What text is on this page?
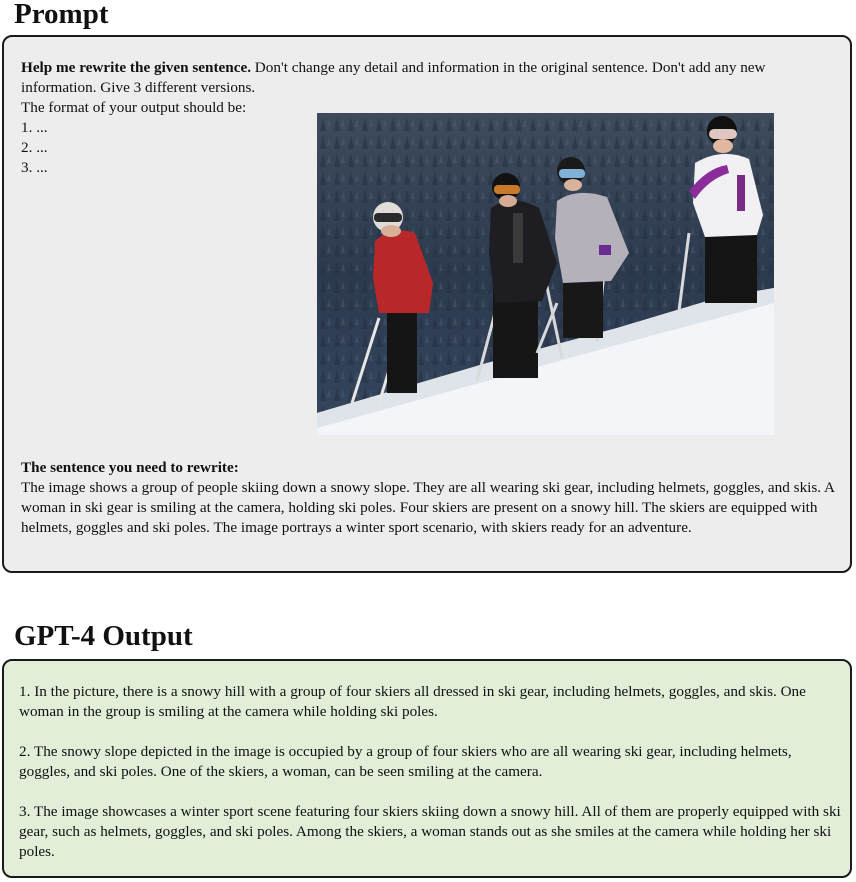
Prompt

Help me rewrite the given sentence. Don't change any detail and information in the original sentence. Don't add any new information. Give 3 different versions.

The format of your output should be:

1. ...

2. ...

3. ...

The sentence you need to rewrite:

The image shows a group of people skiing down a snowy slope. They are all wearing ski gear, including helmets, goggles, and skis. A woman in ski gear is smiling at the camera, holding ski poles. Four skiers are present on a snowy hill. The skiers are equipped with helmets, goggles and ski poles. The image portrays a winter sport scenario, with skiers ready for an adventure.

GPT-4 Output

1. In the picture, there is a snowy hill with a group of four skiers all dressed in ski gear, including helmets, goggles, and skis. One woman in the group is smiling at the camera while holding ski poles.

2. The snowy slope depicted in the image is occupied by a group of four skiers who are all wearing ski gear, including helmets, goggles, and ski poles. One of the skiers, a woman, can be seen smiling at the camera.

3. The image showcases a winter sport scene featuring four skiers skiing down a snowy hill. All of them are properly equipped with ski gear, such as helmets, goggles, and ski poles. Among the skiers, a woman stands out as she smiles at the camera while holding her ski poles.
